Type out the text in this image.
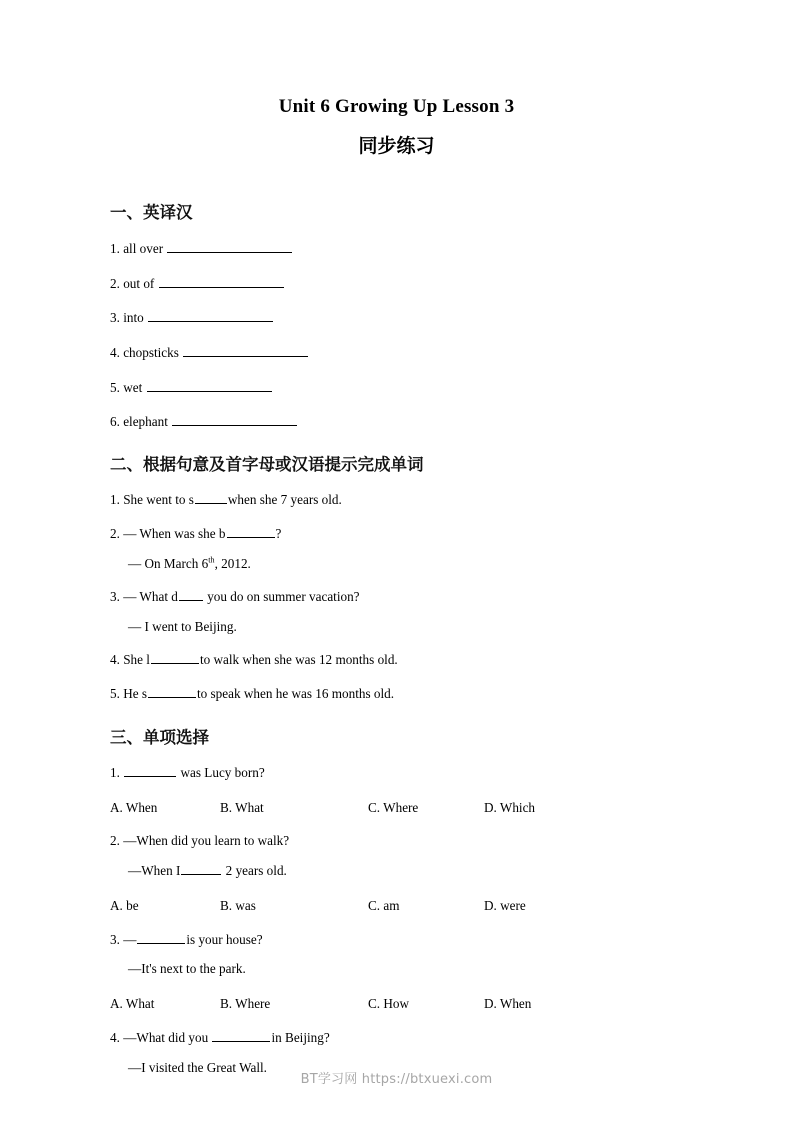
Unit 6 Growing Up Lesson 3
同步练习
一、英译汉
1. all over
2. out of
3. into
4. chopsticks
5. wet
6. elephant
二、根据句意及首字母或汉语提示完成单词
1. She went to s	when she 7 years old.
2. — When was she b	?
— On March 6th, 2012.
3. — What d you do on summer vacation?
— I went to Beijing.
4. She l	to walk when she was 12 months old.
5. He s	to speak when he was 16 months old.
三、单项选择
1.	was Lucy born?
A. When	B. What	C. Where	D. Which
2. —When did you learn to walk?
—When I	2 years old.
A. be	B. was	C. am	D. were
3. —	is your house?
—It's next to the park.
A. What	B. Where	C. How	D. When
4. —What did you	in Beijing?
—I visited the Great Wall.
BT学习网 https://btxuexi.com
